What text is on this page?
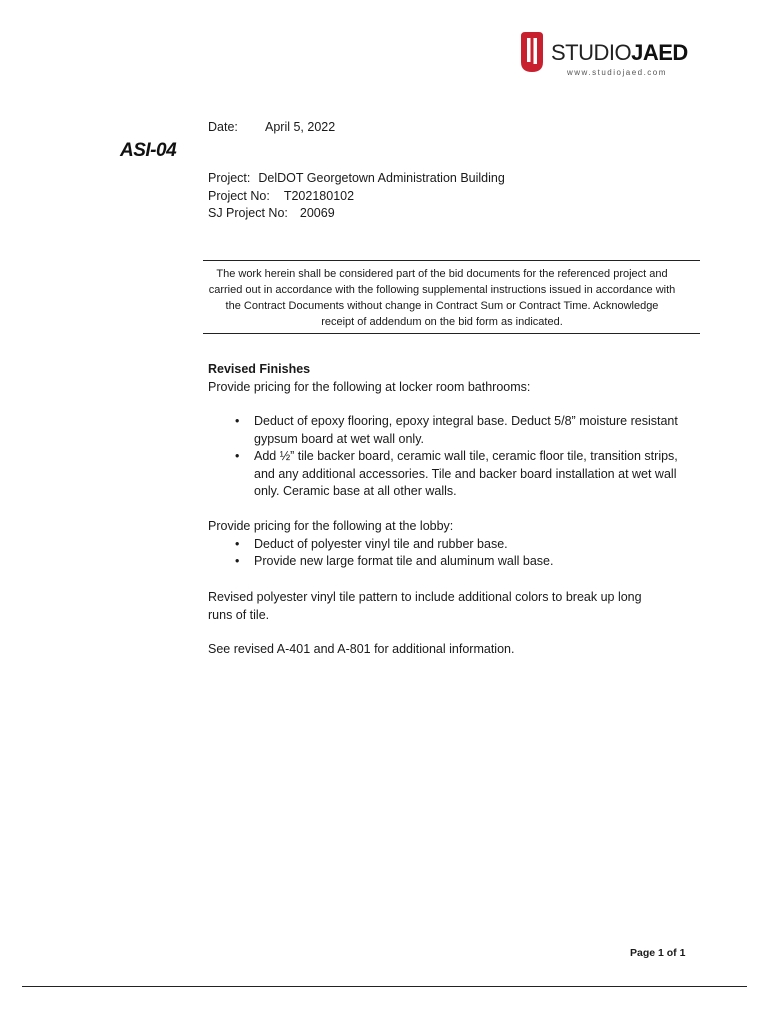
STUDIOJAED
www.studiojaed.com
ASI-04
Date: April 5, 2022
Project: DelDOT Georgetown Administration Building
Project No: T202180102
SJ Project No: 20069
The work herein shall be considered part of the bid documents for the referenced project and carried out in accordance with the following supplemental instructions issued in accordance with the Contract Documents without change in Contract Sum or Contract Time. Acknowledge receipt of addendum on the bid form as indicated.
Revised Finishes
Provide pricing for the following at locker room bathrooms:
• Deduct of epoxy flooring, epoxy integral base. Deduct 5/8” moisture resistant gypsum board at wet wall only.
• Add ½” tile backer board, ceramic wall tile, ceramic floor tile, transition strips, and any additional accessories. Tile and backer board installation at wet wall only. Ceramic base at all other walls.
Provide pricing for the following at the lobby:
• Deduct of polyester vinyl tile and rubber base.
• Provide new large format tile and aluminum wall base.
Revised polyester vinyl tile pattern to include additional colors to break up long runs of tile.
See revised A-401 and A-801 for additional information.
Page 1 of 1
